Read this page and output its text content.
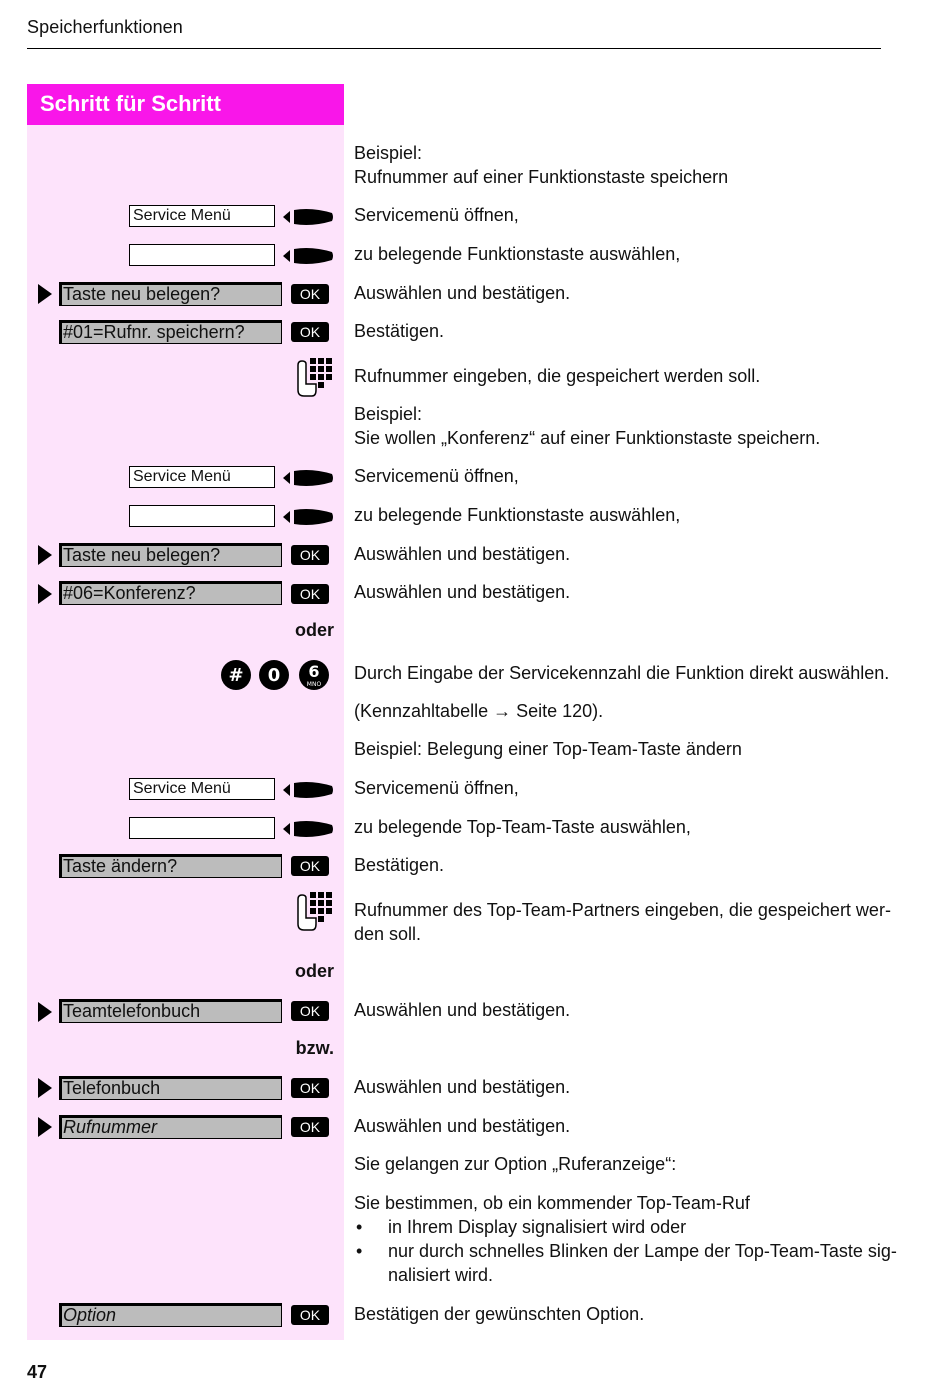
Speicherfunktionen
Schritt für Schritt
Beispiel:
Rufnummer auf einer Funktionstaste speichern
Service Menü	Servicemenü öffnen,
zu belegende Funktionstaste auswählen,
Taste neu belegen?	OK	Auswählen und bestätigen.
#01=Rufnr. speichern?	OK	Bestätigen.
Rufnummer eingeben, die gespeichert werden soll.
Beispiel:
Sie wollen „Konferenz“ auf einer Funktionstaste speichern.
Service Menü	Servicemenü öffnen,
zu belegende Funktionstaste auswählen,
Taste neu belegen?	OK	Auswählen und bestätigen.
#06=Konferenz?	OK	Auswählen und bestätigen.
oder
# 0 6
MNO
Durch Eingabe der Servicekennzahl die Funktion direkt auswählen.
(Kennzahltabelle → Seite 120).
Beispiel: Belegung einer Top-Team-Taste ändern
Service Menü	Servicemenü öffnen,
zu belegende Top-Team-Taste auswählen,
Taste ändern?	OK	Bestätigen.
Rufnummer des Top-Team-Partners eingeben, die gespeichert wer-
den soll.
oder
Teamtelefonbuch	OK	Auswählen und bestätigen.
bzw.
Telefonbuch	OK	Auswählen und bestätigen.
Rufnummer	OK	Auswählen und bestätigen.
Sie gelangen zur Option „Ruferanzeige“:
Sie bestimmen, ob ein kommender Top-Team-Ruf
• in Ihrem Display signalisiert wird oder
• nur durch schnelles Blinken der Lampe der Top-Team-Taste sig-
nalisiert wird.
Option	OK	Bestätigen der gewünschten Option.
47
